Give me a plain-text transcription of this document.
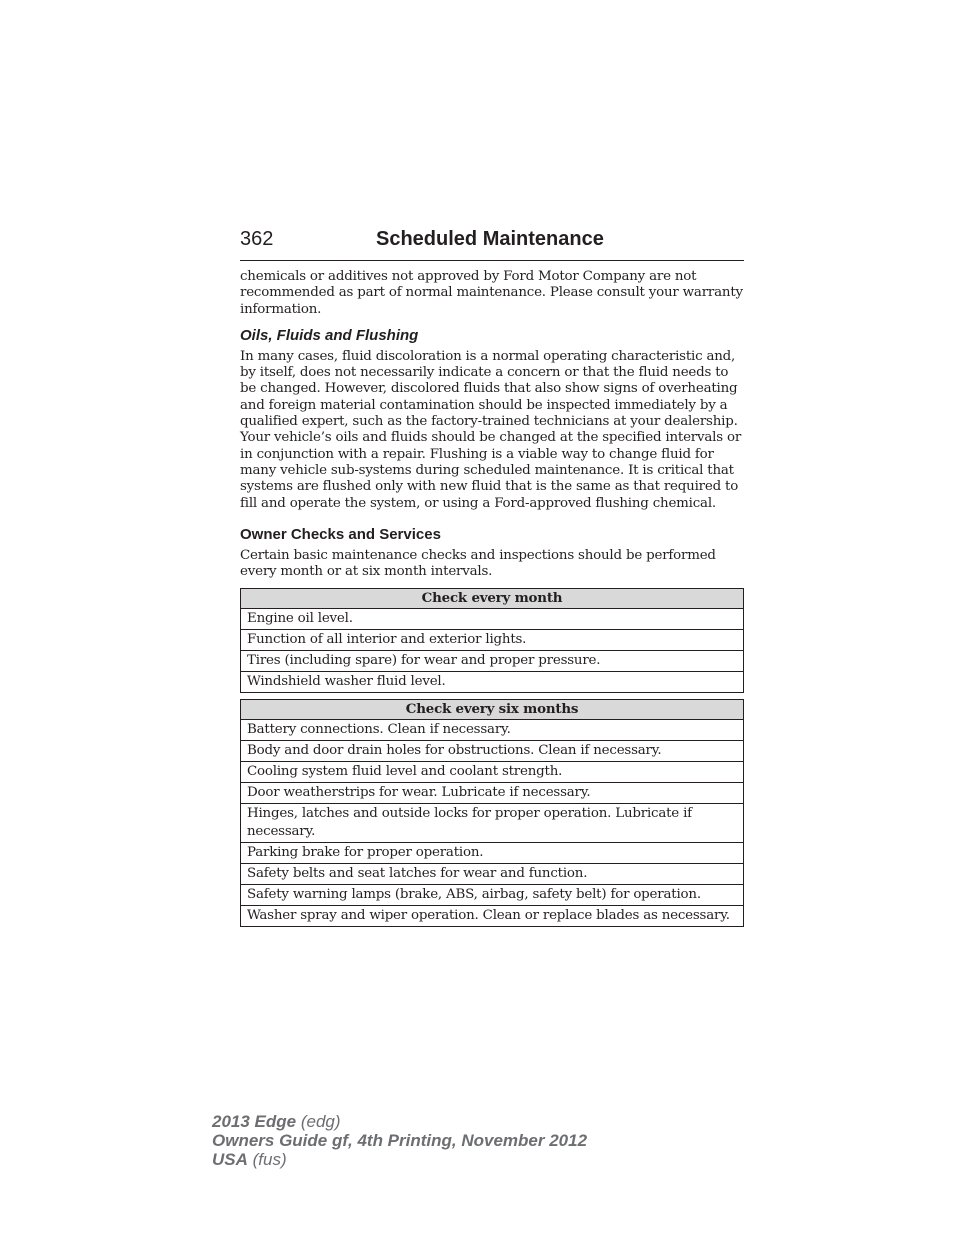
362	Scheduled Maintenance

chemicals or additives not approved by Ford Motor Company are not recommended as part of normal maintenance. Please consult your warranty information.

Oils, Fluids and Flushing

In many cases, fluid discoloration is a normal operating characteristic and, by itself, does not necessarily indicate a concern or that the fluid needs to be changed. However, discolored fluids that also show signs of overheating and foreign material contamination should be inspected immediately by a qualified expert, such as the factory-trained technicians at your dealership. Your vehicle’s oils and fluids should be changed at the specified intervals or in conjunction with a repair. Flushing is a viable way to change fluid for many vehicle sub-systems during scheduled maintenance. It is critical that systems are flushed only with new fluid that is the same as that required to fill and operate the system, or using a Ford-approved flushing chemical.

Owner Checks and Services

Certain basic maintenance checks and inspections should be performed every month or at six month intervals.

Check every month
Engine oil level.
Function of all interior and exterior lights.
Tires (including spare) for wear and proper pressure.
Windshield washer fluid level.
Check every six months
Battery connections. Clean if necessary.
Body and door drain holes for obstructions. Clean if necessary.
Cooling system fluid level and coolant strength.
Door weatherstrips for wear. Lubricate if necessary.
Hinges, latches and outside locks for proper operation. Lubricate if necessary.
Parking brake for proper operation.
Safety belts and seat latches for wear and function.
Safety warning lamps (brake, ABS, airbag, safety belt) for operation.
Washer spray and wiper operation. Clean or replace blades as necessary.
2013 Edge (edg)
Owners Guide gf, 4th Printing, November 2012
USA (fus)
